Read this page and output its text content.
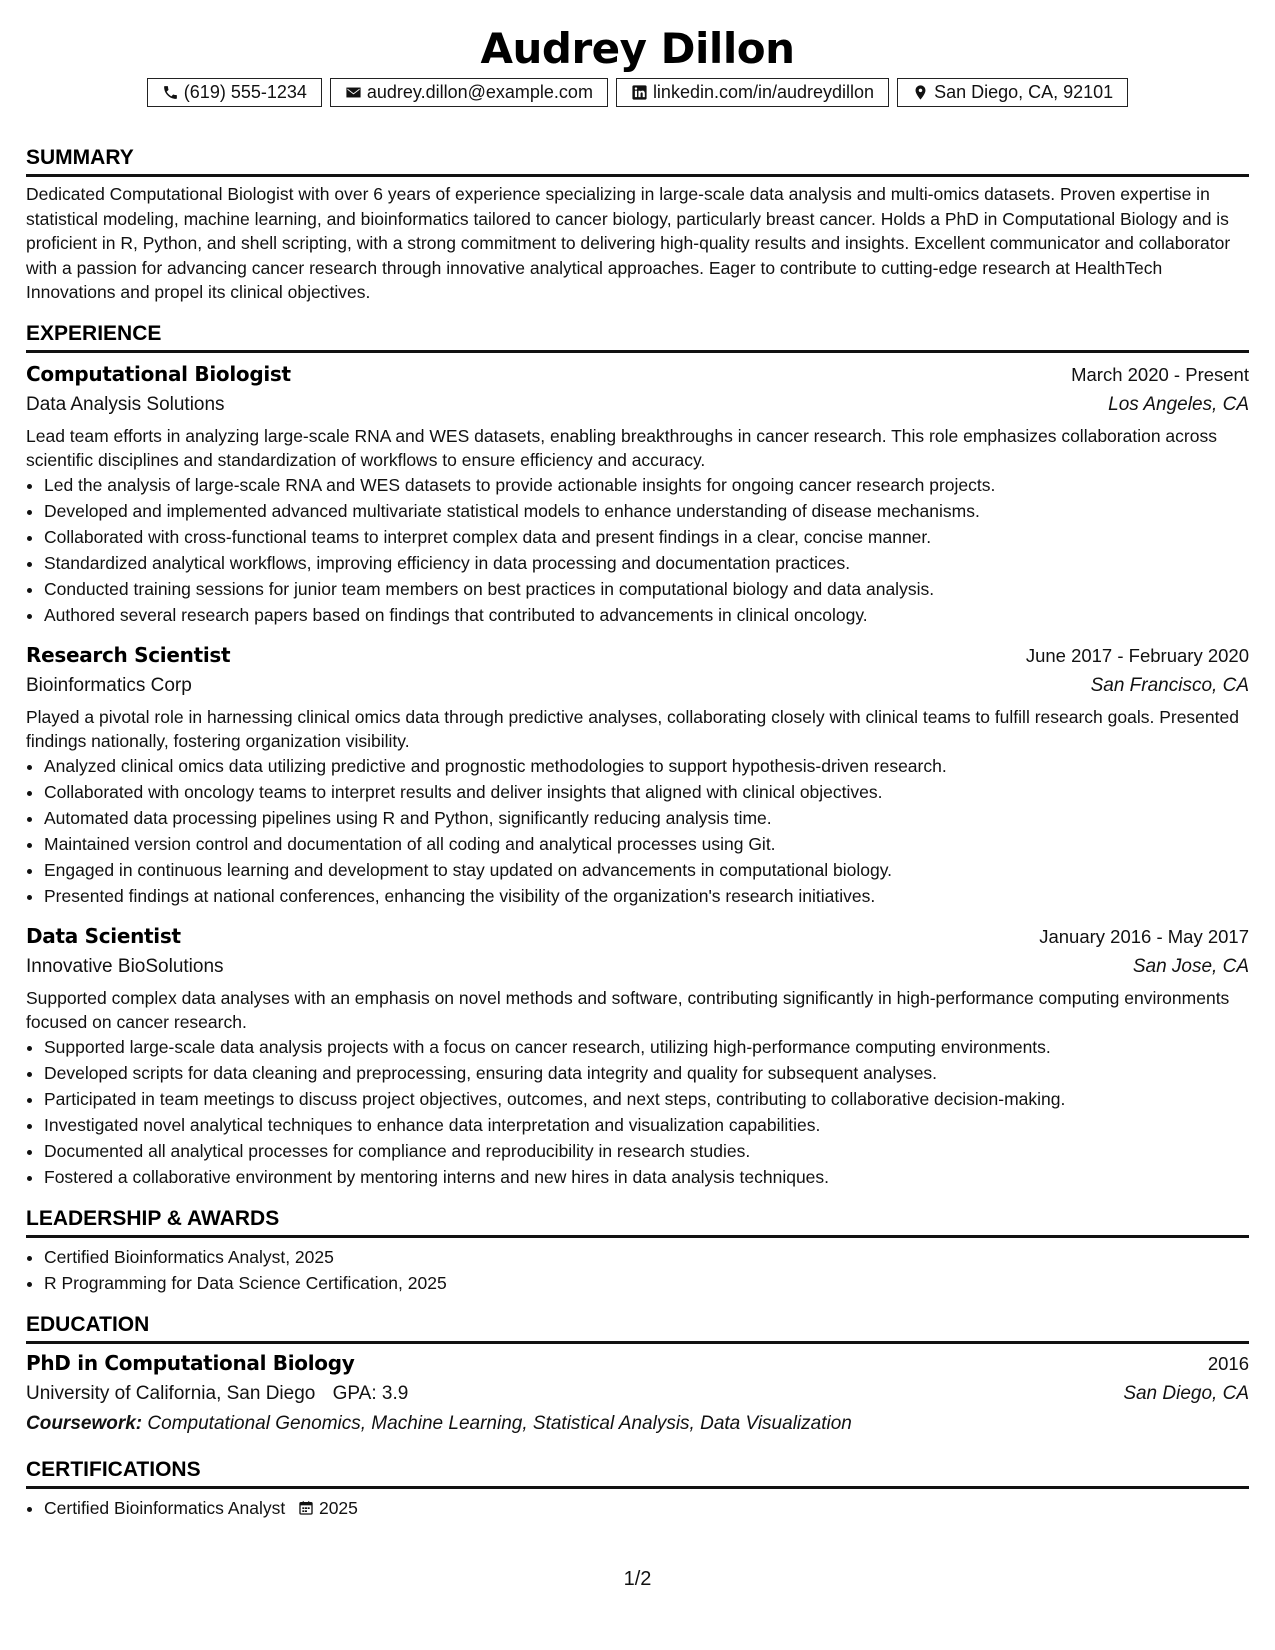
Audrey Dillon
(619) 555-1234	audrey.dillon@example.com	linkedin.com/in/audreydillon	San Diego, CA, 92101
SUMMARY
Dedicated Computational Biologist with over 6 years of experience specializing in large-scale data analysis and multi-omics datasets. Proven expertise in statistical modeling, machine learning, and bioinformatics tailored to cancer biology, particularly breast cancer. Holds a PhD in Computational Biology and is proficient in R, Python, and shell scripting, with a strong commitment to delivering high-quality results and insights. Excellent communicator and collaborator with a passion for advancing cancer research through innovative analytical approaches. Eager to contribute to cutting-edge research at HealthTech Innovations and propel its clinical objectives.
EXPERIENCE
Computational Biologist	March 2020 - Present
Data Analysis Solutions	Los Angeles, CA
Lead team efforts in analyzing large-scale RNA and WES datasets, enabling breakthroughs in cancer research. This role emphasizes collaboration across scientific disciplines and standardization of workflows to ensure efficiency and accuracy.
• Led the analysis of large-scale RNA and WES datasets to provide actionable insights for ongoing cancer research projects.
• Developed and implemented advanced multivariate statistical models to enhance understanding of disease mechanisms.
• Collaborated with cross-functional teams to interpret complex data and present findings in a clear, concise manner.
• Standardized analytical workflows, improving efficiency in data processing and documentation practices.
• Conducted training sessions for junior team members on best practices in computational biology and data analysis.
• Authored several research papers based on findings that contributed to advancements in clinical oncology.
Research Scientist	June 2017 - February 2020
Bioinformatics Corp	San Francisco, CA
Played a pivotal role in harnessing clinical omics data through predictive analyses, collaborating closely with clinical teams to fulfill research goals. Presented findings nationally, fostering organization visibility.
• Analyzed clinical omics data utilizing predictive and prognostic methodologies to support hypothesis-driven research.
• Collaborated with oncology teams to interpret results and deliver insights that aligned with clinical objectives.
• Automated data processing pipelines using R and Python, significantly reducing analysis time.
• Maintained version control and documentation of all coding and analytical processes using Git.
• Engaged in continuous learning and development to stay updated on advancements in computational biology.
• Presented findings at national conferences, enhancing the visibility of the organization's research initiatives.
Data Scientist	January 2016 - May 2017
Innovative BioSolutions	San Jose, CA
Supported complex data analyses with an emphasis on novel methods and software, contributing significantly in high-performance computing environments focused on cancer research.
• Supported large-scale data analysis projects with a focus on cancer research, utilizing high-performance computing environments.
• Developed scripts for data cleaning and preprocessing, ensuring data integrity and quality for subsequent analyses.
• Participated in team meetings to discuss project objectives, outcomes, and next steps, contributing to collaborative decision-making.
• Investigated novel analytical techniques to enhance data interpretation and visualization capabilities.
• Documented all analytical processes for compliance and reproducibility in research studies.
• Fostered a collaborative environment by mentoring interns and new hires in data analysis techniques.
LEADERSHIP & AWARDS
• Certified Bioinformatics Analyst, 2025
• R Programming for Data Science Certification, 2025
EDUCATION
PhD in Computational Biology	2016
University of California, San Diego GPA: 3.9	San Diego, CA
Coursework: Computational Genomics, Machine Learning, Statistical Analysis, Data Visualization
CERTIFICATIONS
• Certified Bioinformatics Analyst 2025
1/2
